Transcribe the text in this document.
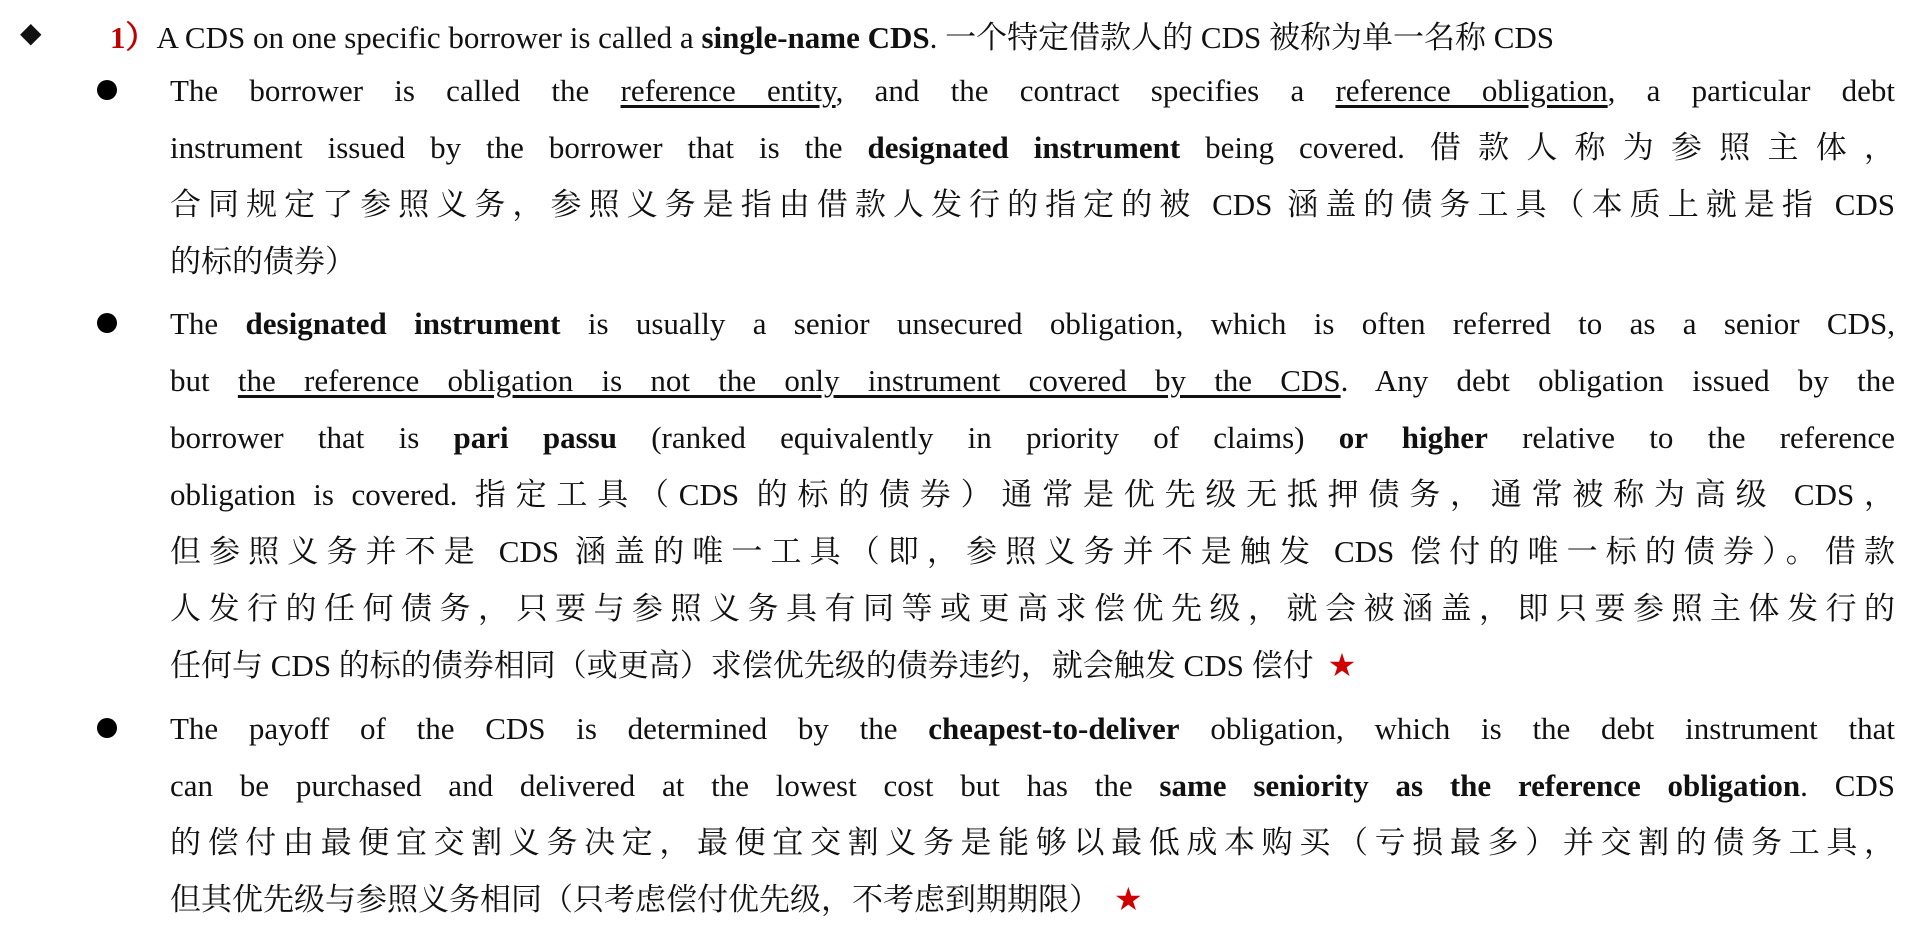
◆	1） A CDS on one specific borrower is called a single-name CDS. 一个特定借款人的 CDS 被称为单一名称 CDS
The borrower is called the reference entity, and the contract specifies a reference obligation, a particular debt
instrument issued by the borrower that is the designated instrument being covered. 借款人称为参照主体，
合同规定了参照义务，参照义务是指由借款人发行的指定的被 CDS 涵盖的债务工具（本质上就是指 CDS
的标的债券）
The designated instrument is usually a senior unsecured obligation, which is often referred to as a senior CDS,
but the reference obligation is not the only instrument covered by the CDS. Any debt obligation issued by the
borrower that is pari passu (ranked equivalently in priority of claims) or higher relative to the reference
obligation is covered. 指定工具（CDS 的标的债券）通常是优先级无抵押债务，通常被称为高级 CDS，
但参照义务并不是 CDS 涵盖的唯一工具（即，参照义务并不是触发 CDS 偿付的唯一标的债券）。借款
人发行的任何债务，只要与参照义务具有同等或更高求偿优先级，就会被涵盖，即只要参照主体发行的
任何与 CDS 的标的债券相同（或更高）求偿优先级的债券违约，就会触发 CDS 偿付 ★
The payoff of the CDS is determined by the cheapest-to-deliver obligation, which is the debt instrument that
can be purchased and delivered at the lowest cost but has the same seniority as the reference obligation. CDS
的偿付由最便宜交割义务决定，最便宜交割义务是能够以最低成本购买（亏损最多）并交割的债务工具，
但其优先级与参照义务相同（只考虑偿付优先级，不考虑到期期限） ★
